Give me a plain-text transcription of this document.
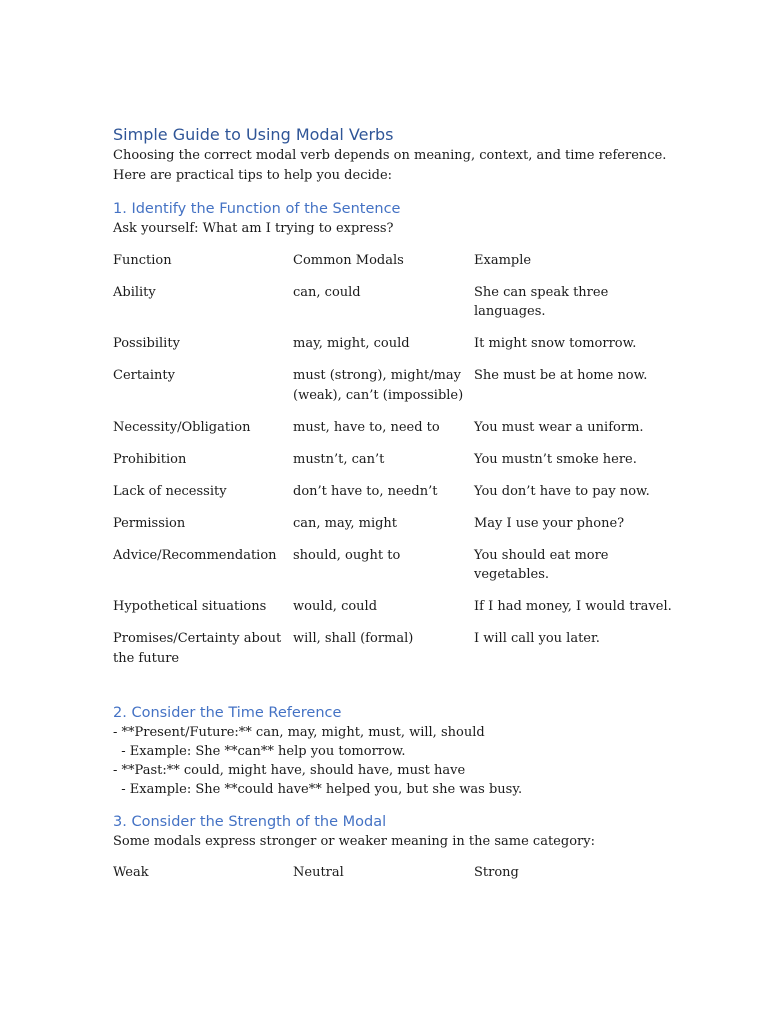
Simple Guide to Using Modal Verbs

Choosing the correct modal verb depends on meaning, context, and time reference. Here are practical tips to help you decide:

1. Identify the Function of the Sentence

Ask yourself: What am I trying to express?

Function	Common Modals	Example
Ability	can, could	She can speak three languages.
Possibility	may, might, could	It might snow tomorrow.
Certainty	must (strong), might/may (weak), can’t (impossible)	She must be at home now.
Necessity/Obligation	must, have to, need to	You must wear a uniform.
Prohibition	mustn’t, can’t	You mustn’t smoke here.
Lack of necessity	don’t have to, needn’t	You don’t have to pay now.
Permission	can, may, might	May I use your phone?
Advice/Recommendation	should, ought to	You should eat more vegetables.
Hypothetical situations	would, could	If I had money, I would travel.
Promises/Certainty about the future	will, shall (formal)	I will call you later.
2. Consider the Time Reference
- **Present/Future:** can, may, might, must, will, should
- Example: She **can** help you tomorrow.
- **Past:** could, might have, should have, must have
- Example: She **could have** helped you, but she was busy.
3. Consider the Strength of the Modal

Some modals express stronger or weaker meaning in the same category:

Weak	Neutral	Strong
